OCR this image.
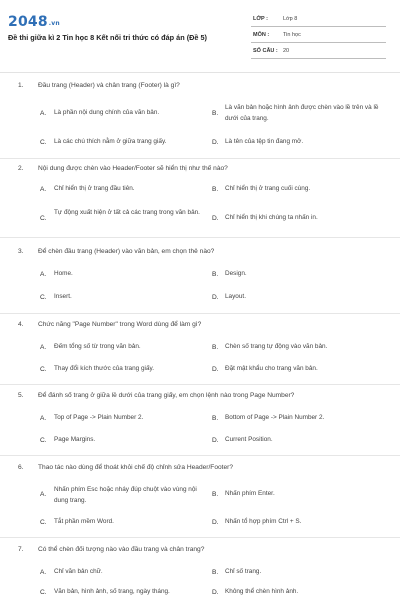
2048.vn
Đề thi giữa kì 2 Tin học 8 Kết nối tri thức có đáp án (Đề 5)
LỚP :	Lớp 8
MÔN :	Tin học
SỐ CÂU : 20
1. Đầu trang (Header) và chân trang (Footer) là gì?
A. Là phần nội dung chính của văn bản.	B.
Là văn bản hoặc hình ảnh được chèn vào lề trên và lề dưới của trang.
C. Là các chú thích nằm ở giữa trang giấy.	D. Là tên của tệp tin đang mở.
2. Nội dung được chèn vào Header/Footer sẽ hiển thị như thế nào?
A. Chỉ hiển thị ở trang đầu tiên.	B. Chỉ hiển thị ở trang cuối cùng.
C.
Tự động xuất hiện ở tất cả các trang trong văn bản.
D. Chỉ hiển thị khi chúng ta nhấn in.
3. Để chèn đầu trang (Header) vào văn bản, em chọn thẻ nào?
A. Home.	B. Design.
C. Insert.	D. Layout.
4. Chức năng "Page Number" trong Word dùng để làm gì?
A. Đếm tổng số từ trong văn bản.	B. Chèn số trang tự động vào văn bản.
C. Thay đổi kích thước của trang giấy.	D. Đặt mật khẩu cho trang văn bản.
5. Để đánh số trang ở giữa lề dưới của trang giấy, em chọn lệnh nào trong Page Number?
A. Top of Page -> Plain Number 2.	B. Bottom of Page -> Plain Number 2.
C. Page Margins.	D. Current Position.
6. Thao tác nào dùng để thoát khỏi chế độ chỉnh sửa Header/Footer?
A.
Nhấn phím Esc hoặc nháy đúp chuột vào vùng nội dung trang.
B. Nhấn phím Enter.
C. Tắt phần mềm Word.	D. Nhấn tổ hợp phím Ctrl + S.
7. Có thể chèn đối tượng nào vào đầu trang và chân trang?
A. Chỉ văn bản chữ.	B. Chỉ số trang.
C. Văn bản, hình ảnh, số trang, ngày tháng.	D. Không thể chèn hình ảnh.
